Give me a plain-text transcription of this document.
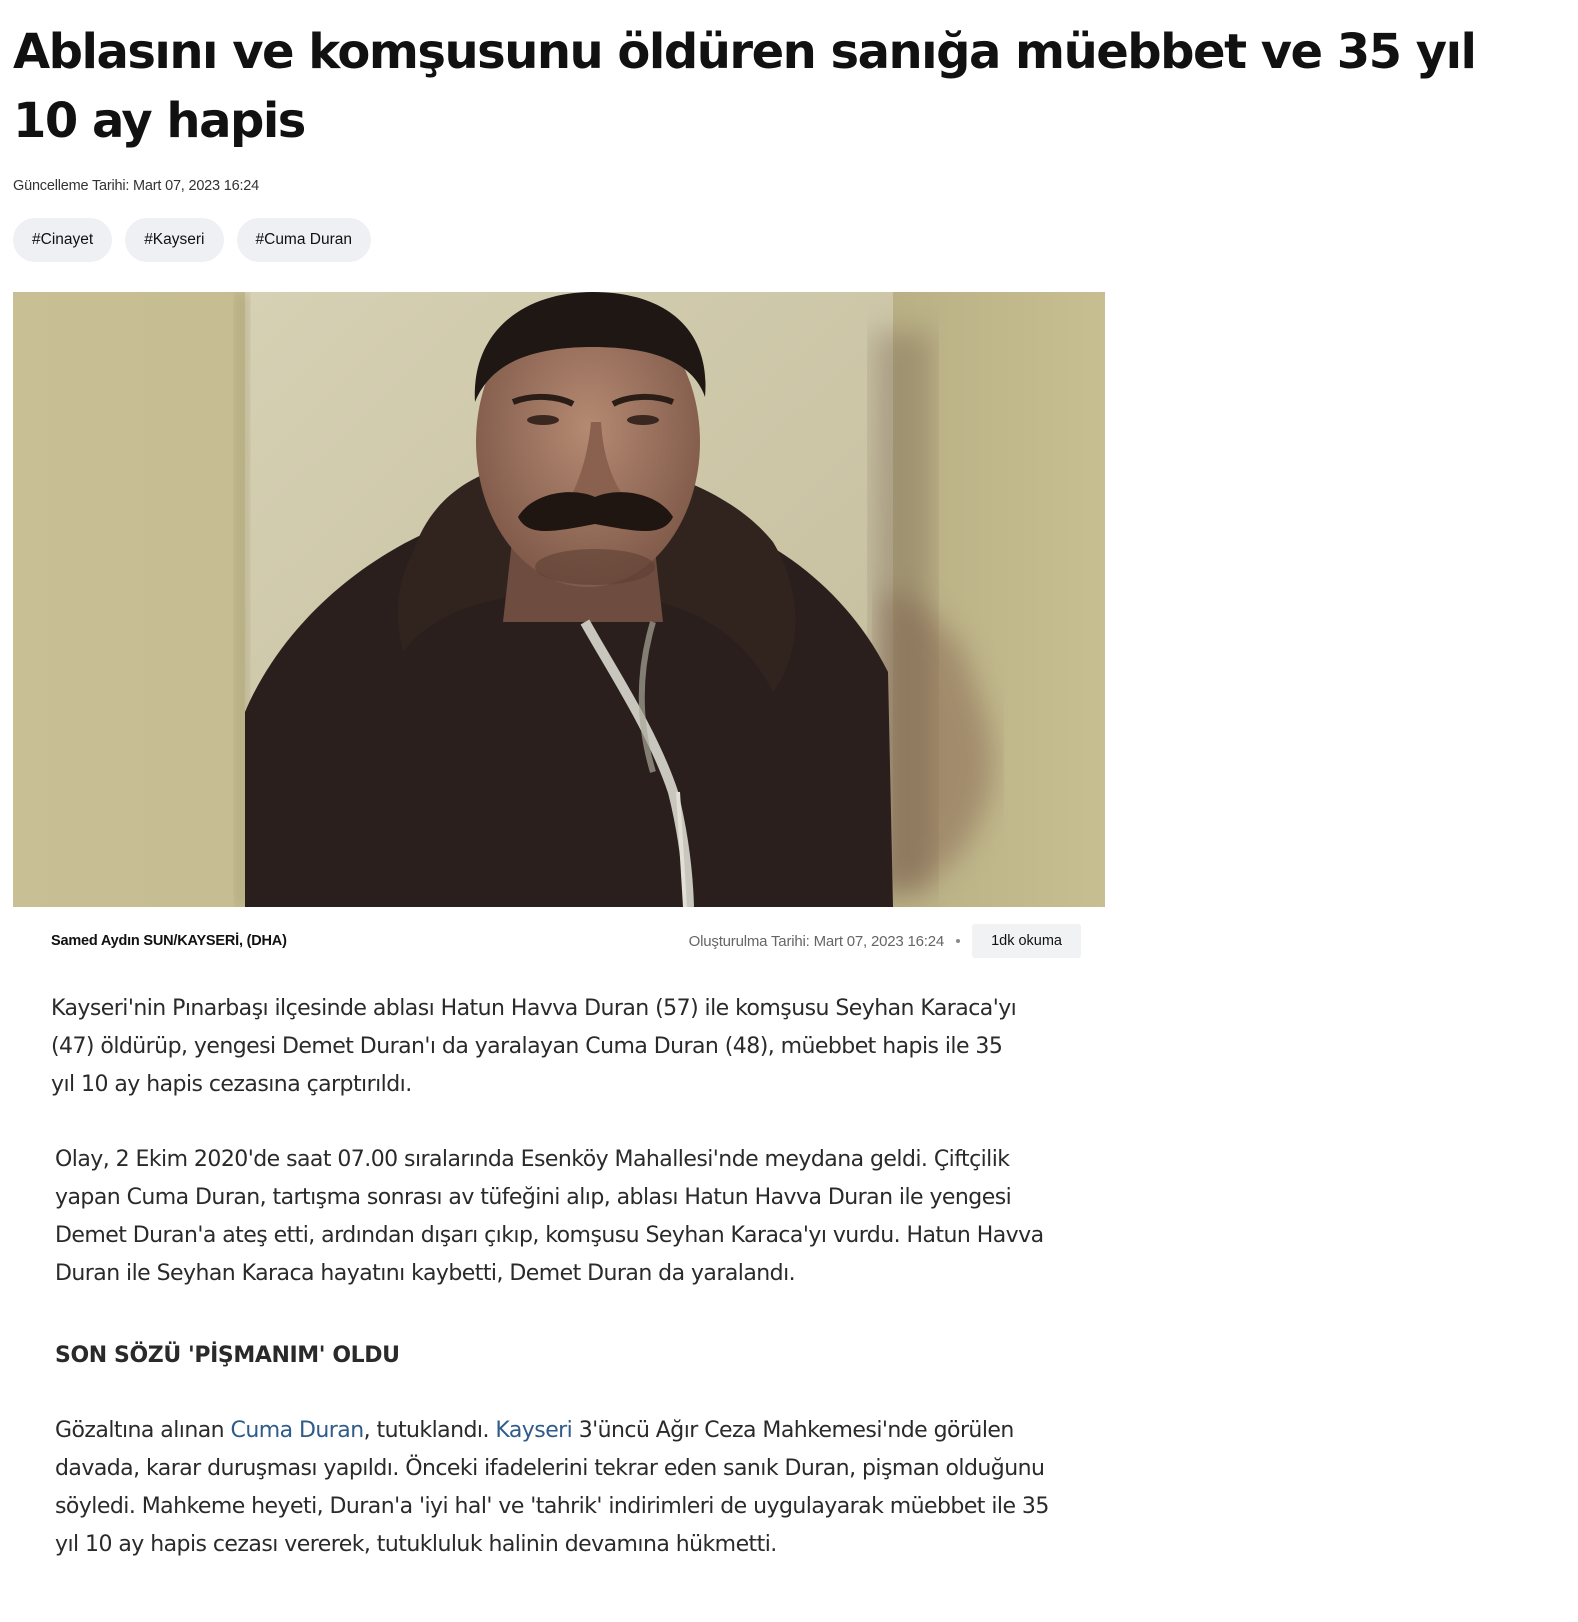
Ablasını ve komşusunu öldüren sanığa müebbet ve 35 yıl 10 ay hapis
Güncelleme Tarihi: Mart 07, 2023 16:24
#Cinayet	#Kayseri	#Cuma Duran
Samed Aydın SUN/KAYSERİ, (DHA)	Oluşturulma Tarihi: Mart 07, 2023 16:24	1dk okuma

Kayseri'nin Pınarbaşı ilçesinde ablası Hatun Havva Duran (57) ile komşusu Seyhan Karaca'yı (47) öldürüp, yengesi Demet Duran'ı da yaralayan Cuma Duran (48), müebbet hapis ile 35 yıl 10 ay hapis cezasına çarptırıldı.

Olay, 2 Ekim 2020'de saat 07.00 sıralarında Esenköy Mahallesi'nde meydana geldi. Çiftçilik yapan Cuma Duran, tartışma sonrası av tüfeğini alıp, ablası Hatun Havva Duran ile yengesi Demet Duran'a ateş etti, ardından dışarı çıkıp, komşusu Seyhan Karaca'yı vurdu. Hatun Havva Duran ile Seyhan Karaca hayatını kaybetti, Demet Duran da yaralandı.

SON SÖZÜ 'PİŞMANIM' OLDU

Gözaltına alınan Cuma Duran, tutuklandı. Kayseri 3'üncü Ağır Ceza Mahkemesi'nde görülen davada, karar duruşması yapıldı. Önceki ifadelerini tekrar eden sanık Duran, pişman olduğunu söyledi. Mahkeme heyeti, Duran'a 'iyi hal' ve 'tahrik' indirimleri de uygulayarak müebbet ile 35 yıl 10 ay hapis cezası vererek, tutukluluk halinin devamına hükmetti.
